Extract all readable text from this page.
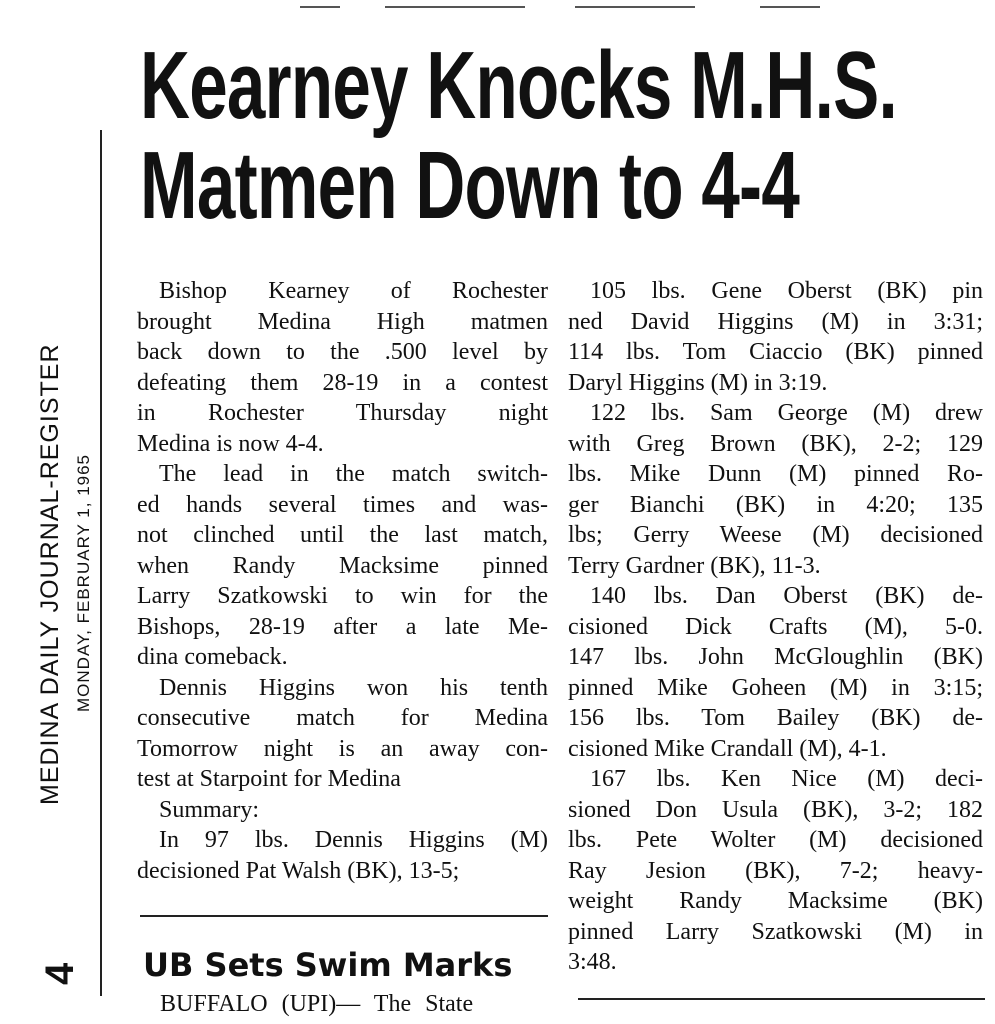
Kearney Knocks M.H.S.
Matmen Down to 4-4
MEDINA DAILY JOURNAL-REGISTER MONDAY, FEBRUARY 1, 1965
4
Bishop Kearney of Rochester
brought Medina High matmen
back down to the .500 level by
defeating them 28-19 in a contest
in Rochester Thursday night
Medina is now 4-4.
The lead in the match switch-
ed hands several times and was-
not clinched until the last match,
when Randy Macksime pinned
Larry Szatkowski to win for the
Bishops, 28-19 after a late Me-
dina comeback.
Dennis Higgins won his tenth
consecutive match for Medina
Tomorrow night is an away con-
test at Starpoint for Medina
Summary:
In 97 lbs. Dennis Higgins (M)
decisioned Pat Walsh (BK), 13-5;
105 lbs. Gene Oberst (BK) pin
ned David Higgins (M) in 3:31;
114 lbs. Tom Ciaccio (BK) pinned
Daryl Higgins (M) in 3:19.
122 lbs. Sam George (M) drew
with Greg Brown (BK), 2-2; 129
lbs. Mike Dunn (M) pinned Ro-
ger Bianchi (BK) in 4:20; 135
lbs; Gerry Weese (M) decisioned
Terry Gardner (BK), 11-3.
140 lbs. Dan Oberst (BK) de-
cisioned Dick Crafts (M), 5-0.
147 lbs. John McGloughlin (BK)
pinned Mike Goheen (M) in 3:15;
156 lbs. Tom Bailey (BK) de-
cisioned Mike Crandall (M), 4-1.
167 lbs. Ken Nice (M) deci-
sioned Don Usula (BK), 3-2; 182
lbs. Pete Wolter (M) decisioned
Ray Jesion (BK), 7-2; heavy-
weight Randy Macksime (BK)
pinned Larry Szatkowski (M) in
3:48.
UB Sets Swim Marks
BUFFALO (UPI)— The State
